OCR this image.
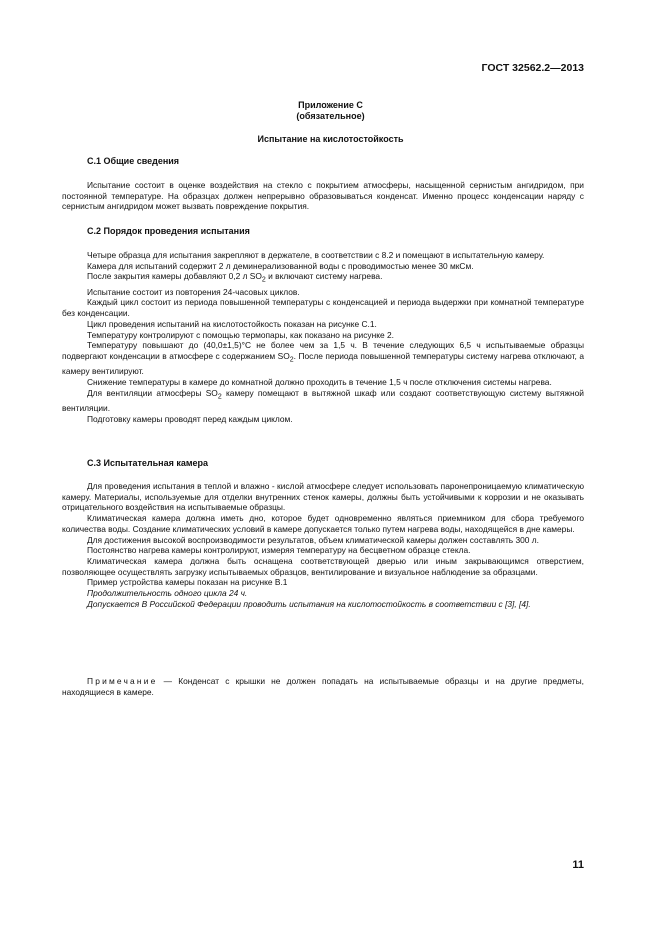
ГОСТ 32562.2—2013
Приложение С
(обязательное)
Испытание на кислотостойкость
С.1 Общие сведения

Испытание состоит в оценке воздействия на стекло с покрытием атмосферы, насыщенной сернистым ангидридом, при постоянной температуре. На образцах должен непрерывно образовываться конденсат. Именно процесс конденсации наряду с сернистым ангидридом может вызвать повреждение покрытия.

С.2 Порядок проведения испытания

Четыре образца для испытания закрепляют в держателе, в соответствии с 8.2 и помещают в испытательную камеру.

Камера для испытаний содержит 2 л деминерализованной воды с проводимостью менее 30 мкСм.

После закрытия камеры добавляют 0,2 л $SO_2$ и включают систему нагрева.

Испытание состоит из повторения 24-часовых циклов.

Каждый цикл состоит из периода повышенной температуры с конденсацией и периода выдержки при комнатной температуре без конденсации.

Цикл проведения испытаний на кислотостойкость показан на рисунке С.1.

Температуру контролируют с помощью термопары, как показано на рисунке 2.

Температуру повышают до (40,0±1,5)°С не более чем за 1,5 ч. В течение следующих 6,5 ч испытываемые образцы подвергают конденсации в атмосфере с содержанием $SO_2$. После периода повышенной температуры систему нагрева отключают, а камеру вентилируют.

Снижение температуры в камере до комнатной должно проходить в течение 1,5 ч после отключения системы нагрева.

Для вентиляции атмосферы $SO_2$ камеру помещают в вытяжной шкаф или создают соответствующую систему вытяжной вентиляции.

Подготовку камеры проводят перед каждым циклом.

С.3 Испытательная камера

Для проведения испытания в теплой и влажно - кислой атмосфере следует использовать паронепроницаемую климатическую камеру. Материалы, используемые для отделки внутренних стенок камеры, должны быть устойчивыми к коррозии и не оказывать отрицательного воздействия на испытываемые образцы.

Климатическая камера должна иметь дно, которое будет одновременно являться приемником для сбора требуемого количества воды. Создание климатических условий в камере допускается только путем нагрева воды, находящейся в дне камеры.

Для достижения высокой воспроизводимости результатов, объем климатической камеры должен составлять 300 л.

Постоянство нагрева камеры контролируют, измеряя температуру на бесцветном образце стекла.

Климатическая камера должна быть оснащена соответствующей дверью или иным закрывающимся отверстием, позволяющее осуществлять загрузку испытываемых образцов, вентилирование и визуальное наблюдение за образцами.

Пример устройства камеры показан на рисунке В.1

Продолжительность одного цикла 24 ч.

Допускается В Российской Федерации проводить испытания на кислотостойкость в соответствии с [3], [4].

Примечание — Конденсат с крышки не должен попадать на испытываемые образцы и на другие предметы, находящиеся в камере.

11
